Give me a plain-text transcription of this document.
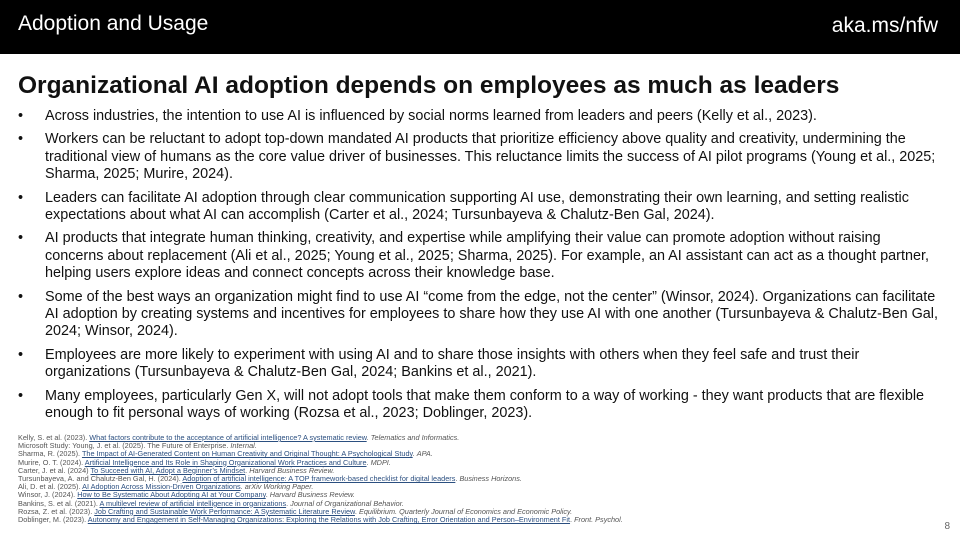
Adoption and Usage	aka.ms/nfw
Organizational AI adoption depends on employees as much as leaders
• Across industries, the intention to use AI is influenced by social norms learned from leaders and peers (Kelly et al., 2023).
• Workers can be reluctant to adopt top-down mandated AI products that prioritize efficiency above quality and creativity, undermining the traditional view of humans as the core value driver of businesses. This reluctance limits the success of AI pilot programs (Young et al., 2025; Sharma, 2025; Murire, 2024).
• Leaders can facilitate AI adoption through clear communication supporting AI use, demonstrating their own learning, and setting realistic expectations about what AI can accomplish (Carter et al., 2024; Tursunbayeva & Chalutz-Ben Gal, 2024).
• AI products that integrate human thinking, creativity, and expertise while amplifying their value can promote adoption without raising concerns about replacement (Ali et al., 2025; Young et al., 2025; Sharma, 2025). For example, an AI assistant can act as a thought partner, helping users explore ideas and connect concepts across their knowledge base.
• Some of the best ways an organization might find to use AI “come from the edge, not the center” (Winsor, 2024). Organizations can facilitate AI adoption by creating systems and incentives for employees to share how they use AI with one another (Tursunbayeva & Chalutz-Ben Gal, 2024; Winsor, 2024).
• Employees are more likely to experiment with using AI and to share those insights with others when they feel safe and trust their organizations (Tursunbayeva & Chalutz-Ben Gal, 2024; Bankins et al., 2021).
• Many employees, particularly Gen X, will not adopt tools that make them conform to a way of working - they want products that are flexible enough to fit personal ways of working (Rozsa et al., 2023; Doblinger, 2023).
Kelly, S. et al. (2023). What factors contribute to the acceptance of artificial intelligence? A systematic review. Telematics and Informatics.
Microsoft Study: Young, J. et al. (2025). The Future of Enterprise. Internal.
Sharma, R. (2025). The Impact of AI-Generated Content on Human Creativity and Original Thought: A Psychological Study. APA.
Murire, O. T. (2024). Artificial Intelligence and Its Role in Shaping Organizational Work Practices and Culture. MDPI.
Carter, J. et al. (2024) To Succeed with AI, Adopt a Beginner’s Mindset. Harvard Business Review.
Tursunbayeva, A. and Chalutz-Ben Gal, H. (2024). Adoption of artificial intelligence: A TOP framework-based checklist for digital leaders. Business Horizons.
Ali, D. et al. (2025). AI Adoption Across Mission-Driven Organizations. arXiv Working Paper.
Winsor, J. (2024). How to Be Systematic About Adopting AI at Your Company. Harvard Business Review.
Bankins, S. et al. (2021). A multilevel review of artificial intelligence in organizations. Journal of Organizational Behavior.
Rozsa, Z. et al. (2023). Job Crafting and Sustainable Work Performance: A Systematic Literature Review. Equilibrium. Quarterly Journal of Economics and Economic Policy.
Doblinger, M. (2023). Autonomy and Engagement in Self-Managing Organizations: Exploring the Relations with Job Crafting, Error Orientation and Person–Environment Fit. Front. Psychol.
8
